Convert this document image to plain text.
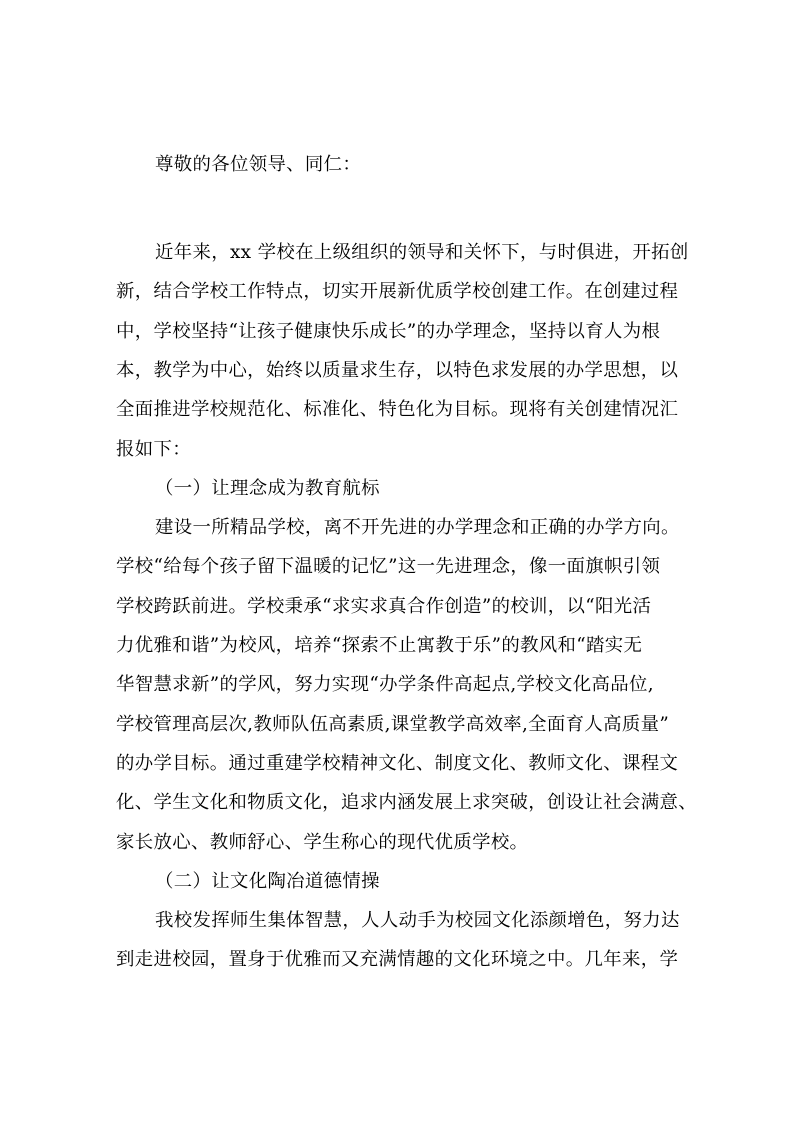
尊敬的各位领导、同仁：
近年来，xx 学校在上级组织的领导和关怀下，与时俱进，开拓创
新，结合学校工作特点，切实开展新优质学校创建工作。在创建过程
中，学校坚持“让孩子健康快乐成长”的办学理念，坚持以育人为根
本，教学为中心，始终以质量求生存，以特色求发展的办学思想，以
全面推进学校规范化、标准化、特色化为目标。现将有关创建情况汇
报如下：
（一）让理念成为教育航标
建设一所精品学校，离不开先进的办学理念和正确的办学方向。
学校“给每个孩子留下温暖的记忆”这一先进理念，像一面旗帜引领
学校跨跃前进。学校秉承“求实求真合作创造”的校训，以“阳光活
力优雅和谐”为校风，培养“探索不止寓教于乐”的教风和“踏实无
华智慧求新”的学风，努力实现“办学条件高起点,学校文化高品位,
学校管理高层次,教师队伍高素质,课堂教学高效率,全面育人高质量”
的办学目标。通过重建学校精神文化、制度文化、教师文化、课程文
化、学生文化和物质文化，追求内涵发展上求突破，创设让社会满意、
家长放心、教师舒心、学生称心的现代优质学校。
（二）让文化陶冶道德情操
我校发挥师生集体智慧，人人动手为校园文化添颜增色，努力达
到走进校园，置身于优雅而又充满情趣的文化环境之中。几年来，学
